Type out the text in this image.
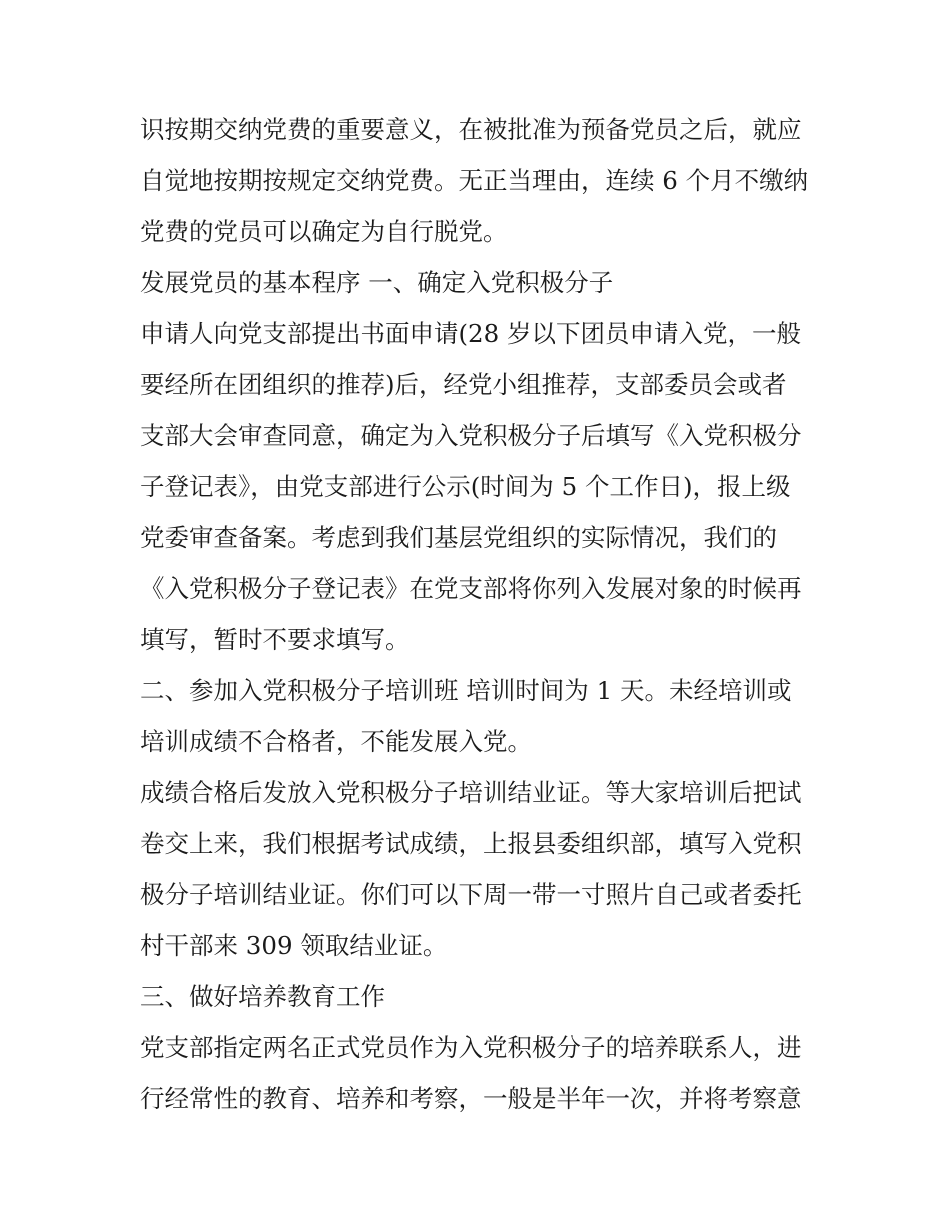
识按期交纳党费的重要意义，在被批准为预备党员之后，就应
自觉地按期按规定交纳党费。无正当理由，连续 6 个月不缴纳
党费的党员可以确定为自行脱党。
发展党员的基本程序 一、确定入党积极分子
申请人向党支部提出书面申请(28 岁以下团员申请入党，一般
要经所在团组织的推荐)后，经党小组推荐，支部委员会或者
支部大会审查同意，确定为入党积极分子后填写《入党积极分
子登记表》，由党支部进行公示(时间为 5 个工作日)，报上级
党委审查备案。考虑到我们基层党组织的实际情况，我们的
《入党积极分子登记表》在党支部将你列入发展对象的时候再
填写，暂时不要求填写。
二、参加入党积极分子培训班 培训时间为 1 天。未经培训或
培训成绩不合格者，不能发展入党。
成绩合格后发放入党积极分子培训结业证。等大家培训后把试
卷交上来，我们根据考试成绩，上报县委组织部，填写入党积
极分子培训结业证。你们可以下周一带一寸照片自己或者委托
村干部来 309 领取结业证。
三、做好培养教育工作
党支部指定两名正式党员作为入党积极分子的培养联系人，进
行经常性的教育、培养和考察，一般是半年一次，并将考察意
